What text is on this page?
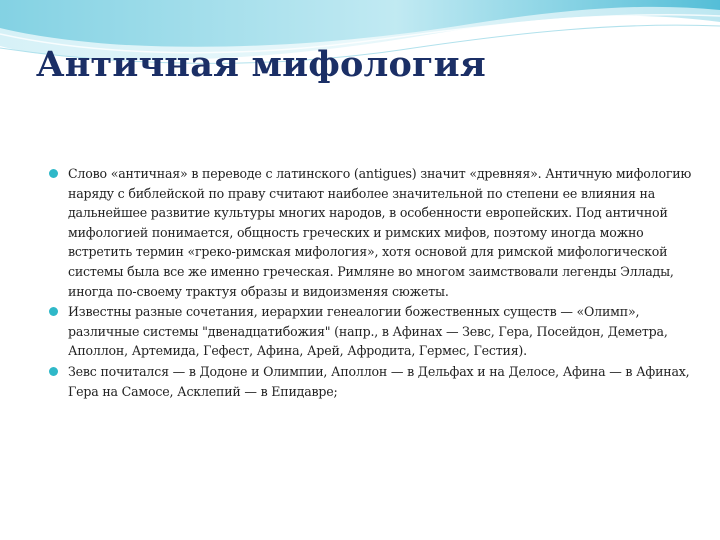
Античная мифология
Слово «античная» в переводе с латинского (antigues) значит «древняя». Античную мифологию наряду с библейской по праву считают наиболее значительной по степени ее влияния на дальнейшее развитие культуры многих народов, в особенности европейских. Под античной мифологией понимается, общность греческих и римских мифов, поэтому иногда можно встретить термин «греко-римская мифология», хотя основой для римской мифологической системы была все же именно греческая. Римляне во многом заимствовали легенды Эллады, иногда по-своему трактуя образы и видоизменяя сюжеты.
Известны разные сочетания, иерархии генеалогии божественных существ — «Олимп», различные системы "двенадцатибожия" (напр., в Афинах — Зевс, Гера, Посейдон, Деметра, Аполлон, Артемида, Гефест, Афина, Арей, Афродита, Гермес, Гестия).
Зевс почитался — в Додоне и Олимпии, Аполлон — в Дельфах и на Делосе, Афина — в Афинах, Гера на Самосе, Асклепий — в Епидавре;
